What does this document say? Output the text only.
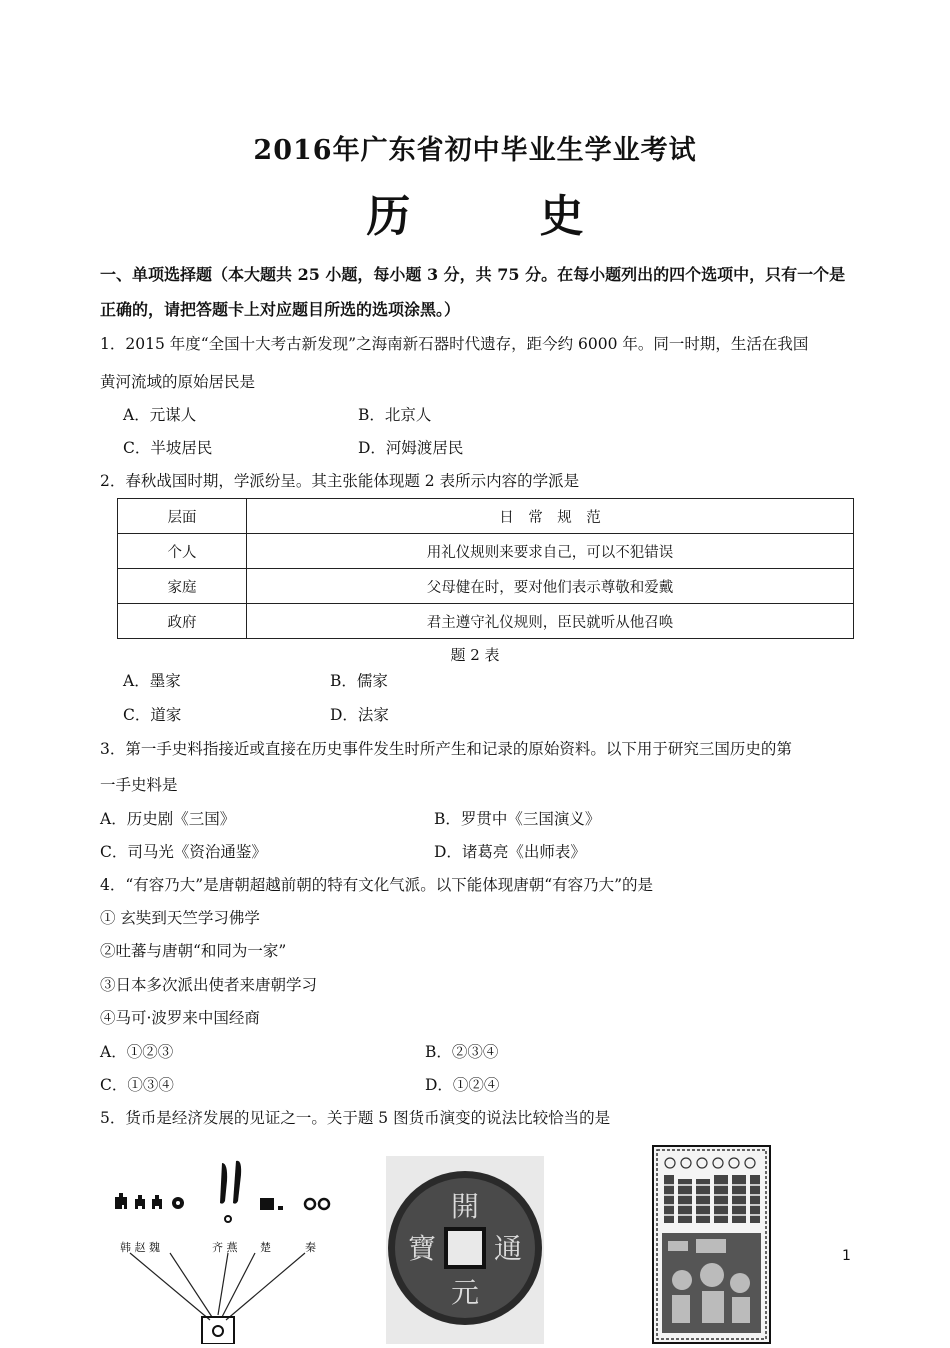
2016年广东省初中毕业生学业考试
历 史
一、单项选择题（本大题共 25 小题，每小题 3 分，共 75 分。在每小题列出的四个选项中，只有一个是
正确的，请把答题卡上对应题目所选的选项涂黑。）
1．2015 年度“全国十大考古新发现”之海南新石器时代遗存，距今约 6000 年。同一时期，生活在我国
黄河流域的原始居民是
A．元谋人	B．北京人
C．半坡居民	D．河姆渡居民
2．春秋战国时期，学派纷呈。其主张能体现题 2 表所示内容的学派是
层面	日　常　规　范
个人	用礼仪规则来要求自己，可以不犯错误
家庭	父母健在时，要对他们表示尊敬和爱戴
政府	君主遵守礼仪规则，臣民就听从他召唤
题 2 表
A．墨家	B．儒家
C．道家	D．法家
3．第一手史料指接近或直接在历史事件发生时所产生和记录的原始资料。以下用于研究三国历史的第
一手史料是
A．历史剧《三国》	B．罗贯中《三国演义》
C．司马光《资治通鉴》	D．诸葛亮《出师表》
4．“有容乃大”是唐朝超越前朝的特有文化气派。以下能体现唐朝“有容乃大”的是
① 玄奘到天竺学习佛学
②吐蕃与唐朝“和同为一家”
③日本多次派出使者来唐朝学习
④马可·波罗来中国经商
A．①②③	B．②③④
C．①③④	D．①②④
5．货币是经济发展的见证之一。关于题 5 图货币演变的说法比较恰当的是
韩 赵 魏	齐 燕 楚	秦
開
通
元
寶	1
